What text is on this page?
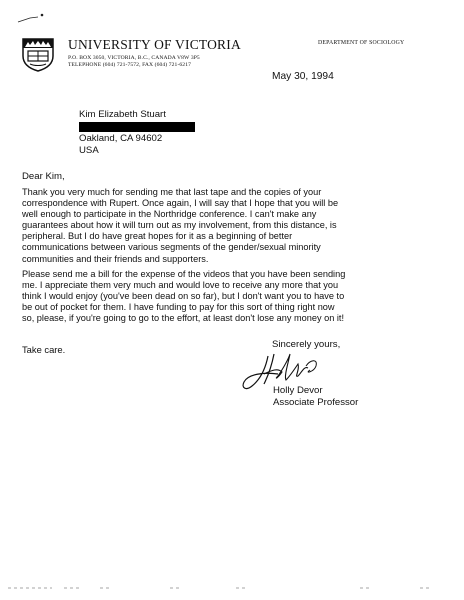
UNIVERSITY OF VICTORIA
P.O. BOX 3050, VICTORIA, B.C., CANADA V8W 3P5
TELEPHONE (604) 721-7572, FAX (604) 721-6217
DEPARTMENT OF SOCIOLOGY
May 30, 1994
Kim Elizabeth Stuart
Oakland, CA 94602
USA
Dear Kim,
Thank you very much for sending me that last tape and the copies of your
correspondence with Rupert. Once again, I will say that I hope that you will be
well enough to participate in the Northridge conference. I can't make any
guarantees about how it will turn out as my involvement, from this distance, is
peripheral. But I do have great hopes for it as a beginning of better
communications between various segments of the gender/sexual minority
communities and their friends and supporters.
Please send me a bill for the expense of the videos that you have been sending
me. I appreciate them very much and would love to receive any more that you
think I would enjoy (you've been dead on so far), but I don't want you to have to
be out of pocket for them. I have funding to pay for this sort of thing right now
so, please, if you're going to go to the effort, at least don't lose any money on it!
Take care.	Sincerely yours,
Holly Devor
Associate Professor
